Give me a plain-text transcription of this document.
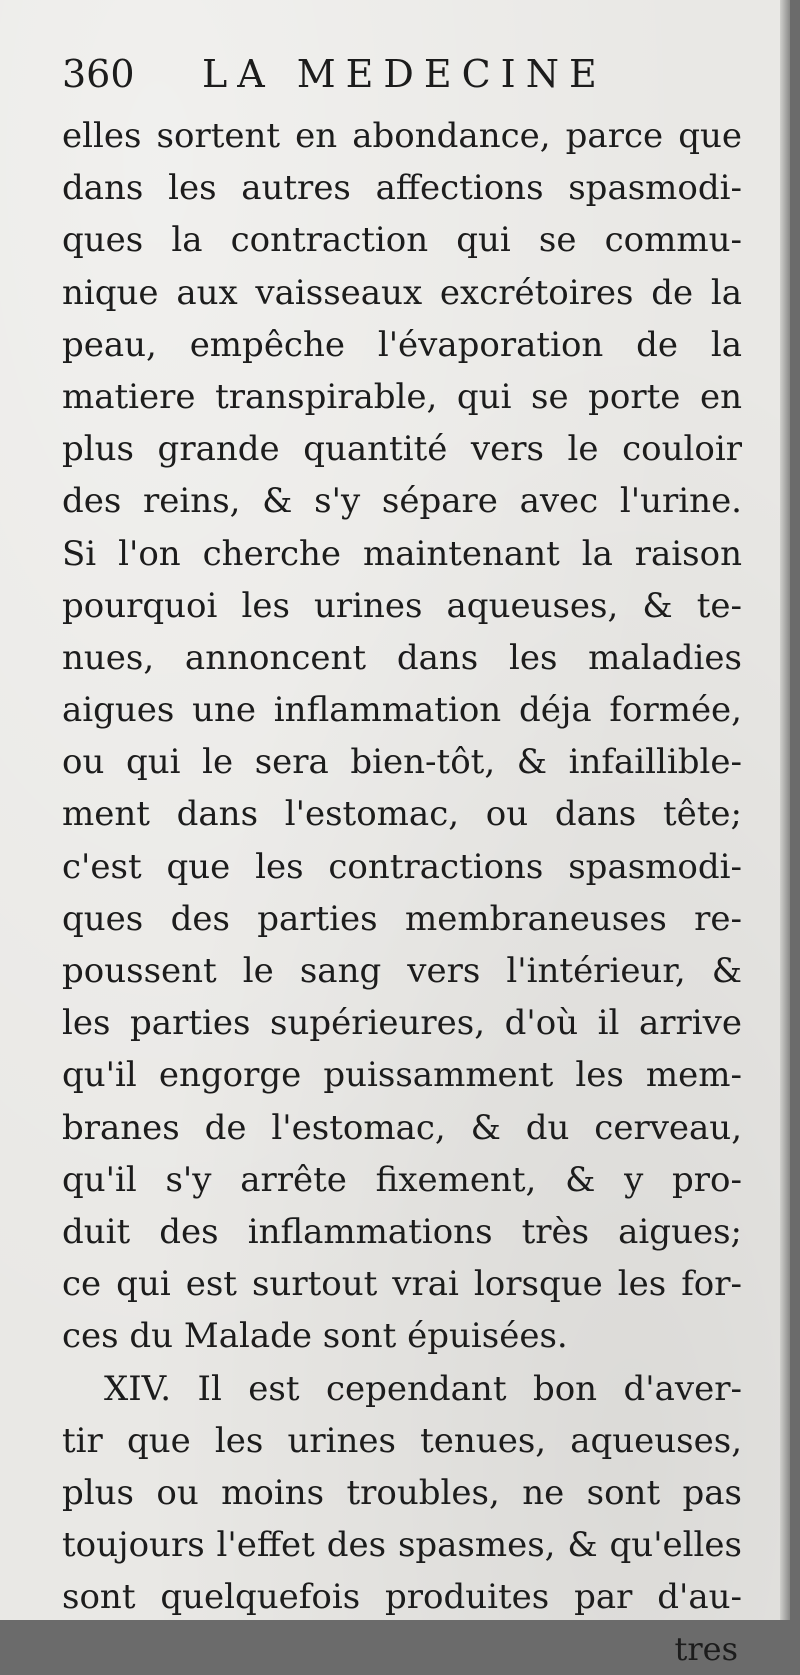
360	LA MEDECINE
elles sortent en abondance, parce que
dans les autres affections spasmodi-
ques la contraction qui se commu-
nique aux vaisseaux excrétoires de la
peau, empêche l'évaporation de la
matiere transpirable, qui se porte en
plus grande quantité vers le couloir
des reins, & s'y sépare avec l'urine.
Si l'on cherche maintenant la raison
pourquoi les urines aqueuses, & te-
nues, annoncent dans les maladies
aigues une inflammation déja formée,
ou qui le sera bien-tôt, & infaillible-
ment dans l'estomac, ou dans tête;
c'est que les contractions spasmodi-
ques des parties membraneuses re-
poussent le sang vers l'intérieur, &
les parties supérieures, d'où il arrive
qu'il engorge puissamment les mem-
branes de l'estomac, & du cerveau,
qu'il s'y arrête fixement, & y pro-
duit des inflammations très aigues;
ce qui est surtout vrai lorsque les for-
ces du Malade sont épuisées.
XIV. Il est cependant bon d'aver-
tir que les urines tenues, aqueuses,
plus ou moins troubles, ne sont pas
toujours l'effet des spasmes, & qu'elles
sont quelquefois produites par d'au-
tres
